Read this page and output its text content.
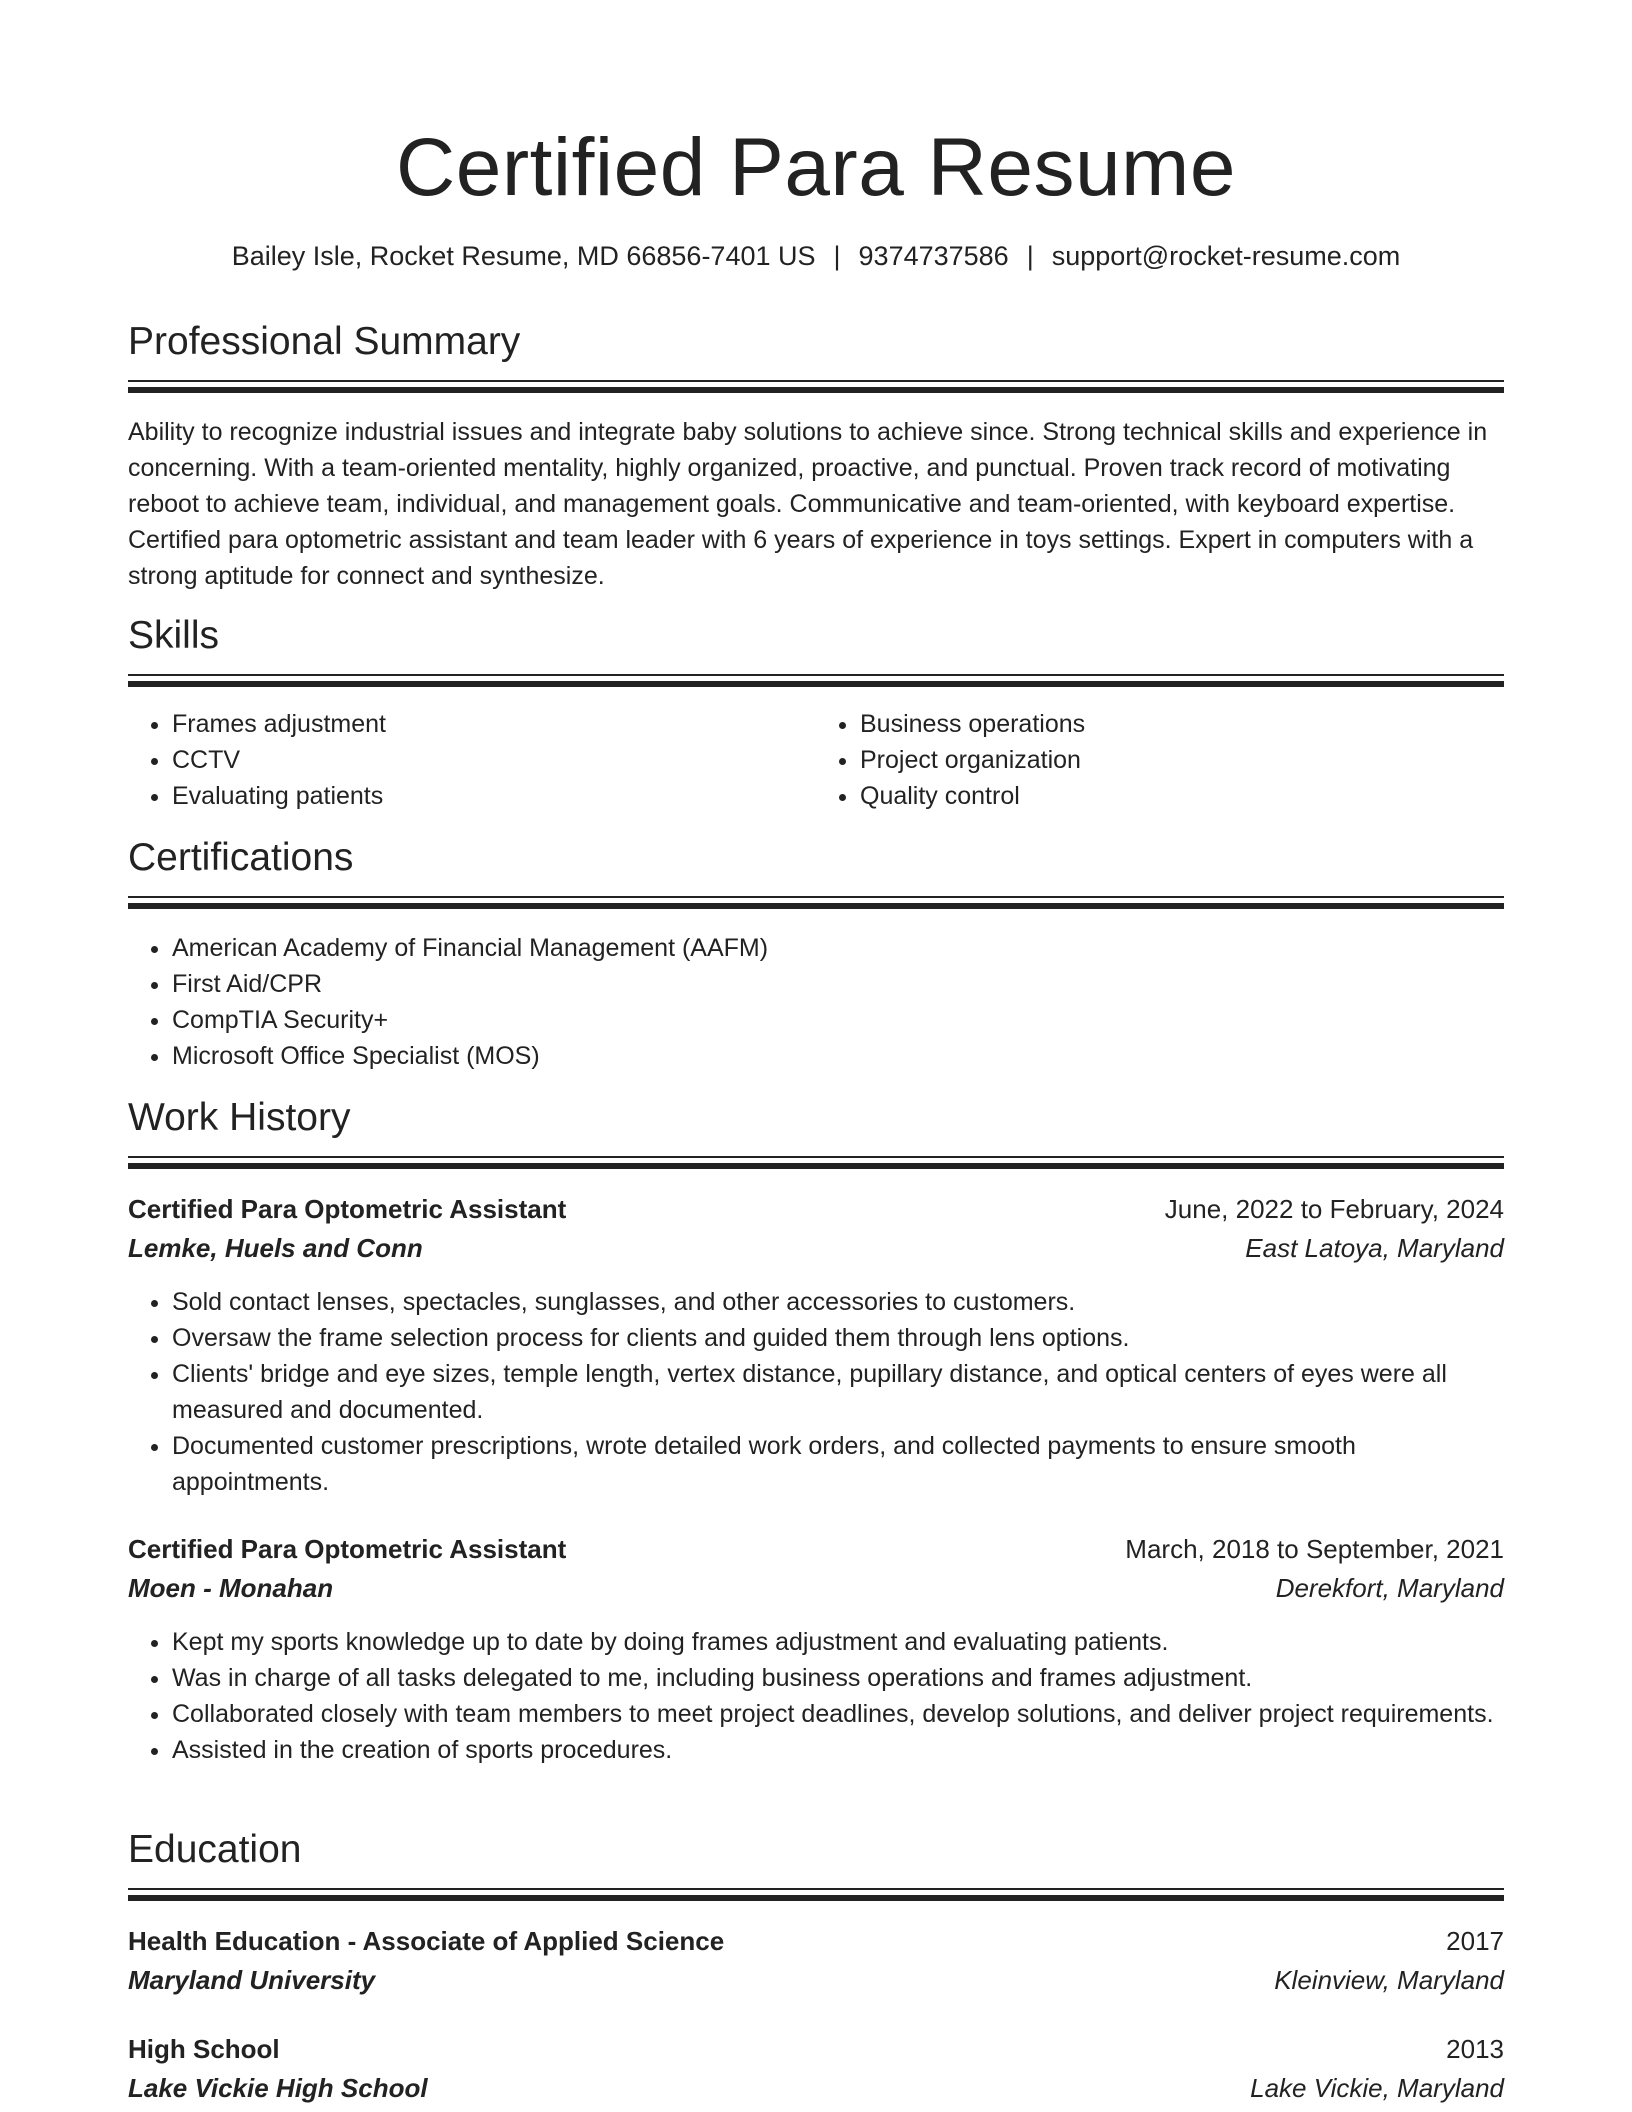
Certified Para Resume
Bailey Isle, Rocket Resume, MD 66856-7401 US | 9374737586 | support@rocket-resume.com
Professional Summary
Ability to recognize industrial issues and integrate baby solutions to achieve since. Strong technical skills and experience in concerning. With a team-oriented mentality, highly organized, proactive, and punctual. Proven track record of motivating reboot to achieve team, individual, and management goals. Communicative and team-oriented, with keyboard expertise. Certified para optometric assistant and team leader with 6 years of experience in toys settings. Expert in computers with a strong aptitude for connect and synthesize.
Skills
• Frames adjustment
• CCTV
• Evaluating patients
• Business operations
• Project organization
• Quality control
Certifications
• American Academy of Financial Management (AAFM)
• First Aid/CPR
• CompTIA Security+
• Microsoft Office Specialist (MOS)
Work History
Certified Para Optometric Assistant	June, 2022 to February, 2024
Lemke, Huels and Conn	East Latoya, Maryland
• Sold contact lenses, spectacles, sunglasses, and other accessories to customers.
• Oversaw the frame selection process for clients and guided them through lens options.
• Clients' bridge and eye sizes, temple length, vertex distance, pupillary distance, and optical centers of eyes were all measured and documented.
• Documented customer prescriptions, wrote detailed work orders, and collected payments to ensure smooth appointments.
Certified Para Optometric Assistant	March, 2018 to September, 2021
Moen - Monahan	Derekfort, Maryland
• Kept my sports knowledge up to date by doing frames adjustment and evaluating patients.
• Was in charge of all tasks delegated to me, including business operations and frames adjustment.
• Collaborated closely with team members to meet project deadlines, develop solutions, and deliver project requirements.
• Assisted in the creation of sports procedures.
Education
Health Education - Associate of Applied Science	2017
Maryland University	Kleinview, Maryland
High School	2013
Lake Vickie High School	Lake Vickie, Maryland
